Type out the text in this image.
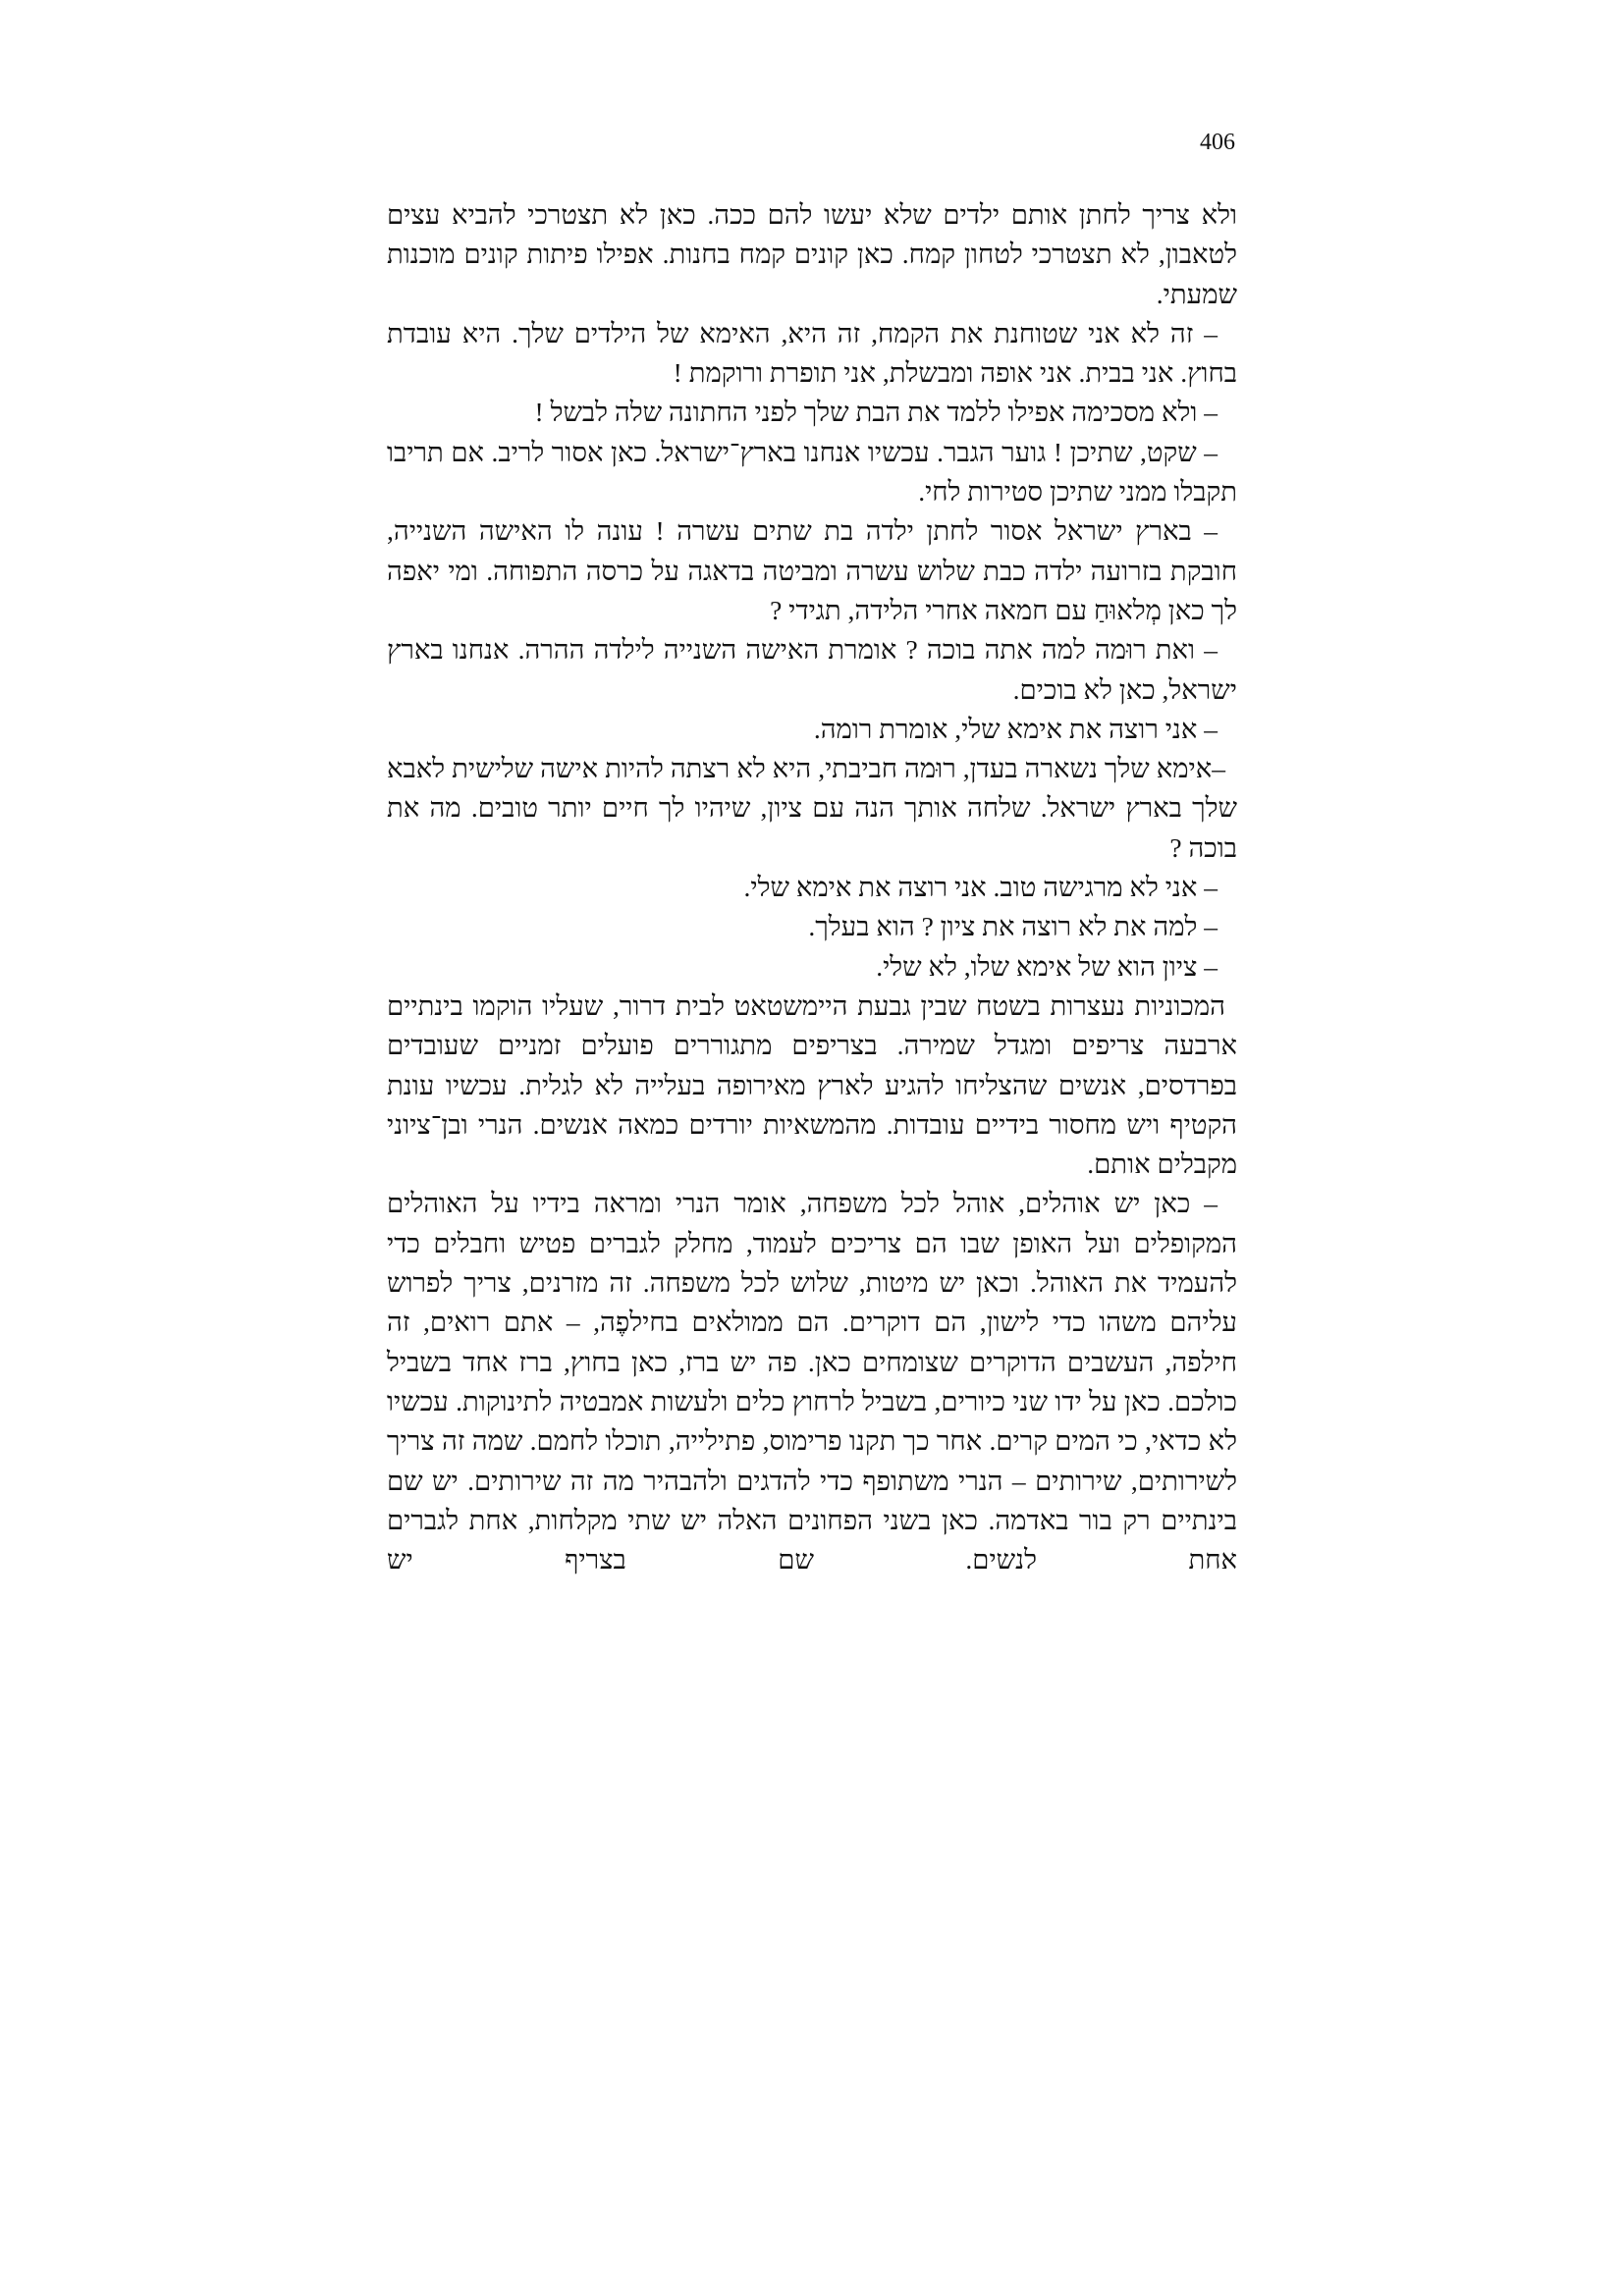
406

ולא צריך לחתן אותם ילדים שלא יעשו להם ככה. כאן לא תצטרכי להביא עצים לטאבון, לא תצטרכי לטחון קמח. כאן קונים קמח בחנות. אפילו פיתות קונים מוכנות שמעתי.

– זה לא אני שטוחנת את הקמח, זה היא, האימא של הילדים שלך. היא עובדת בחוץ. אני בבית. אני אופה ומבשלת, אני תופרת ורוקמת !

– ולא מסכימה אפילו ללמד את הבת שלך לפני החתונה שלה לבשל !

– שקט, שתיכן ! גוער הגבר. עכשיו אנחנו בארץ־ישראל. כאן אסור לריב. אם תריבו תקבלו ממני שתיכן סטירות לחי.

– בארץ ישראל אסור לחתן ילדה בת שתים עשרה ! עונה לו האישה השנייה, חובקת בזרועה ילדה כבת שלוש עשרה ומביטה בדאגה על כרסה התפוחה. ומי יאפה לך כאן מְלאוּחַ עם חמאה אחרי הלידה, תגידי ?

– ואת רוּמה למה אתה בוכה ? אומרת האישה השנייה לילדה ההרה. אנחנו בארץ ישראל, כאן לא בוכים.

– אני רוצה את אימא שלי, אומרת רומה.

–אימא שלך נשארה בעדן, רוּמה חביבתי, היא לא רצתה להיות אישה שלישית לאבא שלך בארץ ישראל. שלחה אותך הנה עם ציון, שיהיו לך חיים יותר טובים. מה את בוכה ?

– אני לא מרגישה טוב. אני רוצה את אימא שלי.

– למה את לא רוצה את ציון ? הוא בעלך.

– ציון הוא של אימא שלו, לא שלי.

המכוניות נעצרות בשטח שבין גבעת היימשטאט לבית דרור, שעליו הוקמו בינתיים ארבעה צריפים ומגדל שמירה. בצריפים מתגוררים פועלים זמניים שעובדים בפרדסים, אנשים שהצליחו להגיע לארץ מאירופה בעלייה לא לגלית. עכשיו עונת הקטיף ויש מחסור בידיים עובדות. מהמשאיות יורדים כמאה אנשים. הנרי ובן־ציוני מקבלים אותם.

– כאן יש אוהלים, אוהל לכל משפחה, אומר הנרי ומראה בידיו על האוהלים המקופלים ועל האופן שבו הם צריכים לעמוד, מחלק לגברים פטיש וחבלים כדי להעמיד את האוהל. וכאן יש מיטות, שלוש לכל משפחה. זה מזרנים, צריך לפרוש עליהם משהו כדי לישון, הם דוקרים. הם ממולאים בחילפֶה, – אתם רואים, זה חילפה, העשבים הדוקרים שצומחים כאן. פה יש ברז, כאן בחוץ, ברז אחד בשביל כולכם. כאן על ידו שני כיורים, בשביל לרחוץ כלים ולעשות אמבטיה לתינוקות. עכשיו לא כדאי, כי המים קרים. אחר כך תקנו פרימוס, פתילייה, תוכלו לחמם. שמה זה צריך לשירותים, שירותים – הנרי משתופף כדי להדגים ולהבהיר מה זה שירותים. יש שם בינתיים רק בור באדמה. כאן בשני הפחונים האלה יש שתי מקלחות, אחת לגברים אחת לנשים. שם בצריף יש
